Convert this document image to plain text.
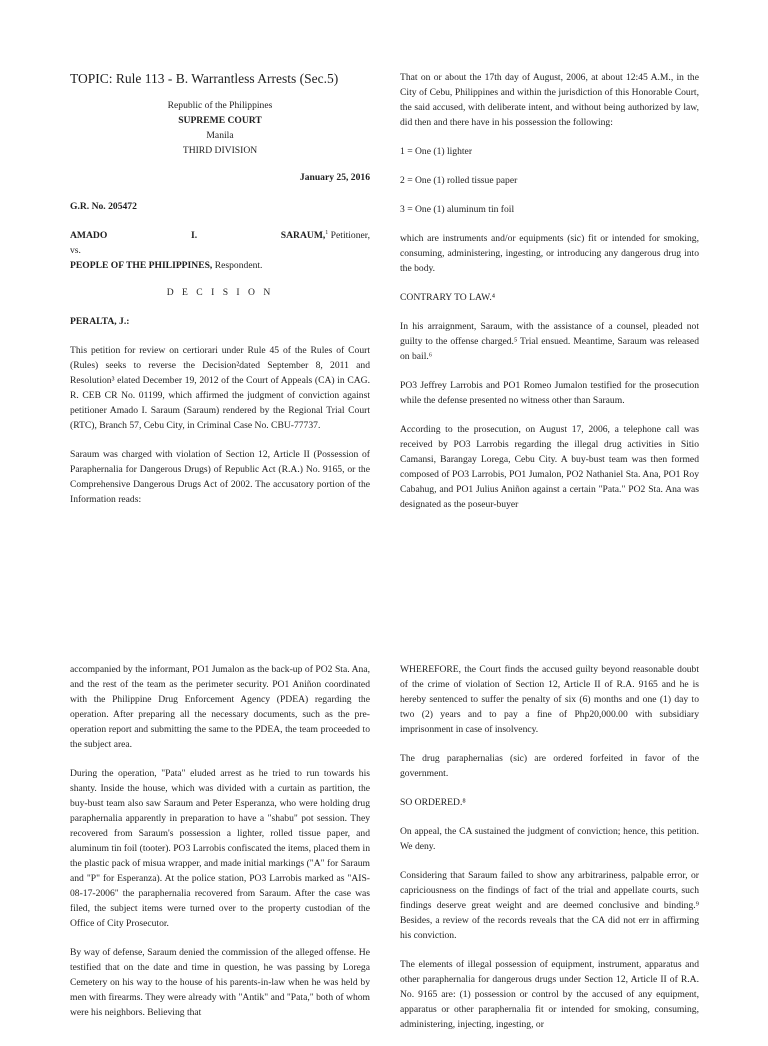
TOPIC: Rule 113 - B. Warrantless Arrests (Sec.5)
Republic of the Philippines
SUPREME COURT
Manila
THIRD DIVISION
January 25, 2016
G.R. No. 205472
AMADO	I.	SARAUM,$^1$ Petitioner,
vs.
PEOPLE OF THE PHILIPPINES, Respondent.
D E C I S I O N
PERALTA, J.:

This petition for review on certiorari under Rule 45 of the Rules of Court (Rules) seeks to reverse the Decision²dated September 8, 2011 and Resolution³ elated December 19, 2012 of the Court of Appeals (CA) in CAG. R. CEB CR No. 01199, which affirmed the judgment of conviction against petitioner Amado I. Saraum (Saraum) rendered by the Regional Trial Court (RTC), Branch 57, Cebu City, in Criminal Case No. CBU-77737.

Saraum was charged with violation of Section 12, Article II (Possession of Paraphernalia for Dangerous Drugs) of Republic Act (R.A.) No. 9165, or the Comprehensive Dangerous Drugs Act of 2002. The accusatory portion of the Information reads:

That on or about the 17th day of August, 2006, at about 12:45 A.M., in the City of Cebu, Philippines and within the jurisdiction of this Honorable Court, the said accused, with deliberate intent, and without being authorized by law, did then and there have in his possession the following:

1 = One (1) lighter
2 = One (1) rolled tissue paper
3 = One (1) aluminum tin foil

which are instruments and/or equipments (sic) fit or intended for smoking, consuming, administering, ingesting, or introducing any dangerous drug into the body.

CONTRARY TO LAW.⁴

In his arraignment, Saraum, with the assistance of a counsel, pleaded not guilty to the offense charged.⁵ Trial ensued. Meantime, Saraum was released on bail.⁶

PO3 Jeffrey Larrobis and PO1 Romeo Jumalon testified for the prosecution while the defense presented no witness other than Saraum.

According to the prosecution, on August 17, 2006, a telephone call was received by PO3 Larrobis regarding the illegal drug activities in Sitio Camansi, Barangay Lorega, Cebu City. A buy-bust team was then formed composed of PO3 Larrobis, PO1 Jumalon, PO2 Nathaniel Sta. Ana, PO1 Roy Cabahug, and PO1 Julius Aniñon against a certain "Pata." PO2 Sta. Ana was designated as the poseur-buyer

accompanied by the informant, PO1 Jumalon as the back-up of PO2 Sta. Ana, and the rest of the team as the perimeter security. PO1 Aniñon coordinated with the Philippine Drug Enforcement Agency (PDEA) regarding the operation. After preparing all the necessary documents, such as the pre-operation report and submitting the same to the PDEA, the team proceeded to the subject area.

During the operation, "Pata" eluded arrest as he tried to run towards his shanty. Inside the house, which was divided with a curtain as partition, the buy-bust team also saw Saraum and Peter Esperanza, who were holding drug paraphernalia apparently in preparation to have a "shabu" pot session. They recovered from Saraum's possession a lighter, rolled tissue paper, and aluminum tin foil (tooter). PO3 Larrobis confiscated the items, placed them in the plastic pack of misua wrapper, and made initial markings ("A" for Saraum and "P" for Esperanza). At the police station, PO3 Larrobis marked as "AIS-08-17-2006" the paraphernalia recovered from Saraum. After the case was filed, the subject items were turned over to the property custodian of the Office of City Prosecutor.

By way of defense, Saraum denied the commission of the alleged offense. He testified that on the date and time in question, he was passing by Lorega Cemetery on his way to the house of his parents-in-law when he was held by men with firearms. They were already with "Antik" and "Pata," both of whom were his neighbors. Believing that

WHEREFORE, the Court finds the accused guilty beyond reasonable doubt of the crime of violation of Section 12, Article II of R.A. 9165 and he is hereby sentenced to suffer the penalty of six (6) months and one (1) day to two (2) years and to pay a fine of Php20,000.00 with subsidiary imprisonment in case of insolvency.

The drug paraphernalias (sic) are ordered forfeited in favor of the government.

SO ORDERED.⁸

On appeal, the CA sustained the judgment of conviction; hence, this petition. We deny.

Considering that Saraum failed to show any arbitrariness, palpable error, or capriciousness on the findings of fact of the trial and appellate courts, such findings deserve great weight and are deemed conclusive and binding.⁹ Besides, a review of the records reveals that the CA did not err in affirming his conviction.

The elements of illegal possession of equipment, instrument, apparatus and other paraphernalia for dangerous drugs under Section 12, Article II of R.A. No. 9165 are: (1) possession or control by the accused of any equipment, apparatus or other paraphernalia fit or intended for smoking, consuming, administering, injecting, ingesting, or
